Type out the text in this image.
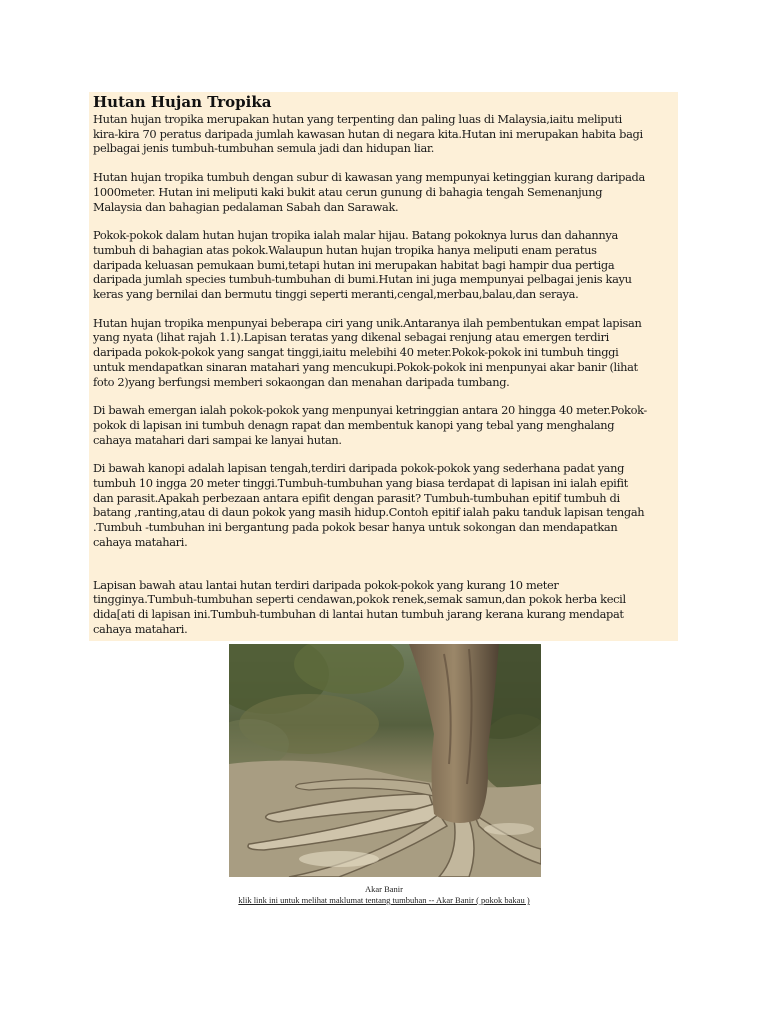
Hutan Hujan Tropika

Hutan hujan tropika merupakan hutan yang terpenting dan paling luas di Malaysia,iaitu meliputi
kira-kira 70 peratus daripada jumlah kawasan hutan di negara kita.Hutan ini merupakan habita bagi
pelbagai jenis tumbuh-tumbuhan semula jadi dan hidupan liar.

Hutan hujan tropika tumbuh dengan subur di kawasan yang mempunyai ketinggian kurang daripada
1000meter. Hutan ini meliputi kaki bukit atau cerun gunung di bahagia tengah Semenanjung
Malaysia dan bahagian pedalaman Sabah dan Sarawak.

Pokok-pokok dalam hutan hujan tropika ialah malar hijau. Batang pokoknya lurus dan dahannya
tumbuh di bahagian atas pokok.Walaupun hutan hujan tropika hanya meliputi enam peratus
daripada keluasan pemukaan bumi,tetapi hutan ini merupakan habitat bagi hampir dua pertiga
daripada jumlah species tumbuh-tumbuhan di bumi.Hutan ini juga mempunyai pelbagai jenis kayu
keras yang bernilai dan bermutu tinggi seperti meranti,cengal,merbau,balau,dan seraya.

Hutan hujan tropika menpunyai beberapa ciri yang unik.Antaranya ilah pembentukan empat lapisan
yang nyata (lihat rajah 1.1).Lapisan teratas yang dikenal sebagai renjung atau emergen terdiri
daripada pokok-pokok yang sangat tinggi,iaitu melebihi 40 meter.Pokok-pokok ini tumbuh tinggi
untuk mendapatkan sinaran matahari yang mencukupi.Pokok-pokok ini menpunyai akar banir (lihat
foto 2)yang berfungsi memberi sokaongan dan menahan daripada tumbang.

Di bawah emergan ialah pokok-pokok yang menpunyai ketringgian antara 20 hingga 40 meter.Pokok-
pokok di lapisan ini tumbuh denagn rapat dan membentuk kanopi yang tebal yang menghalang
cahaya matahari dari sampai ke lanyai hutan.

Di bawah kanopi adalah lapisan tengah,terdiri daripada pokok-pokok yang sederhana padat yang
tumbuh 10 ingga 20 meter tinggi.Tumbuh-tumbuhan yang biasa terdapat di lapisan ini ialah epifit
dan parasit.Apakah perbezaan antara epifit dengan parasit? Tumbuh-tumbuhan epitif tumbuh di
batang ,ranting,atau di daun pokok yang masih hidup.Contoh epitif ialah paku tanduk lapisan tengah
.Tumbuh -tumbuhan ini bergantung pada pokok besar hanya untuk sokongan dan mendapatkan
cahaya matahari.

Lapisan bawah atau lantai hutan terdiri daripada pokok-pokok yang kurang 10 meter
tingginya.Tumbuh-tumbuhan seperti cendawan,pokok renek,semak samun,dan pokok herba kecil
dida[ati di lapisan ini.Tumbuh-tumbuhan di lantai hutan tumbuh jarang kerana kurang mendapat
cahaya matahari.

Akar Banir
klik link ini untuk melihat maklumat tentang tumbuhan -- Akar Banir ( pokok bakau )
